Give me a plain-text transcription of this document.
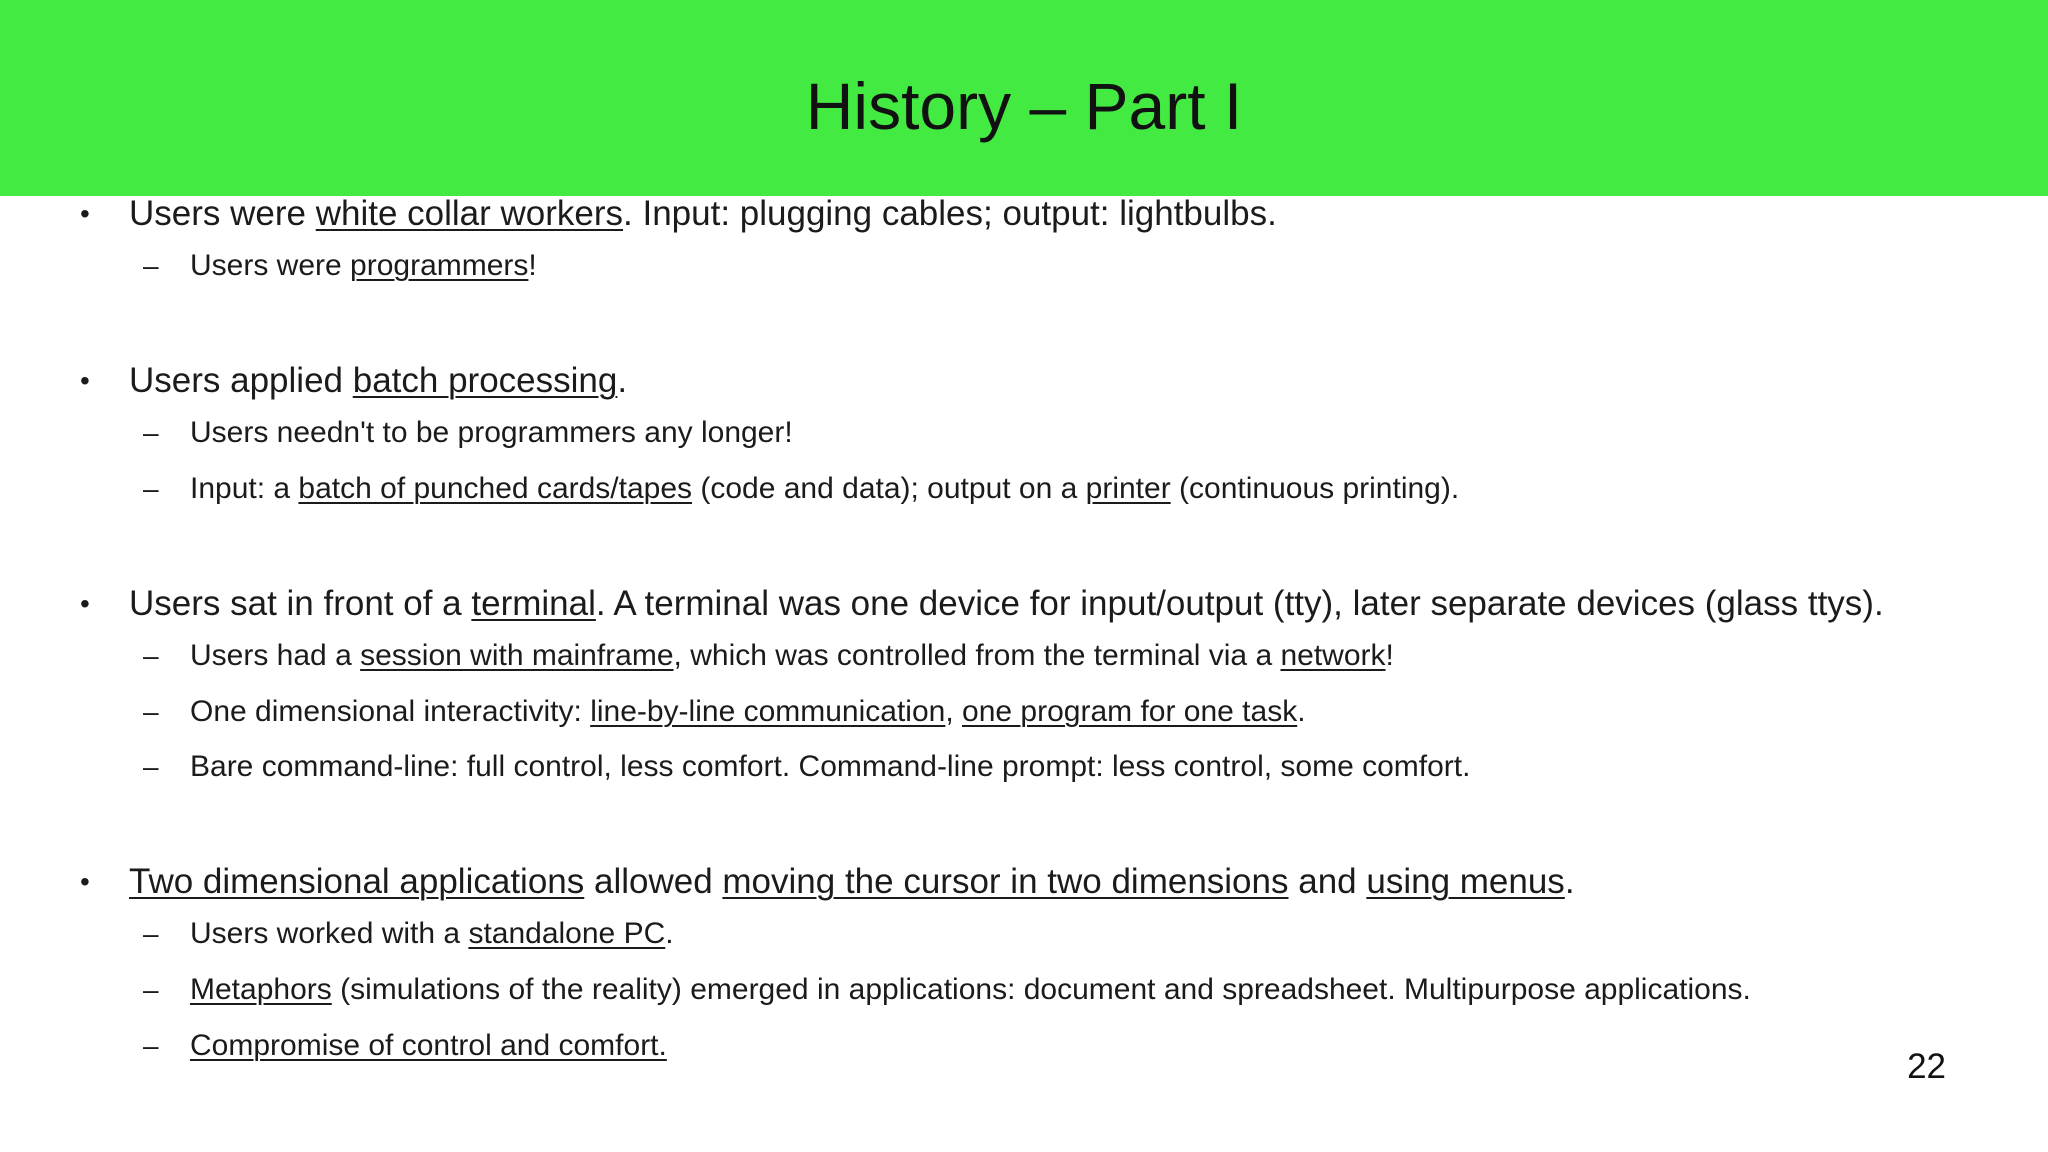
History – Part I
• Users were white collar workers. Input: plugging cables; output: lightbulbs.
– Users were programmers!
• Users applied batch processing.
– Users needn't to be programmers any longer!
– Input: a batch of punched cards/tapes (code and data); output on a printer (continuous printing).
• Users sat in front of a terminal. A terminal was one device for input/output (tty), later separate devices (glass ttys).
– Users had a session with mainframe, which was controlled from the terminal via a network!
– One dimensional interactivity: line-by-line communication, one program for one task.
– Bare command-line: full control, less comfort. Command-line prompt: less control, some comfort.
• Two dimensional applications allowed moving the cursor in two dimensions and using menus.
– Users worked with a standalone PC.
– Metaphors (simulations of the reality) emerged in applications: document and spreadsheet. Multipurpose applications.
– Compromise of control and comfort.
22
